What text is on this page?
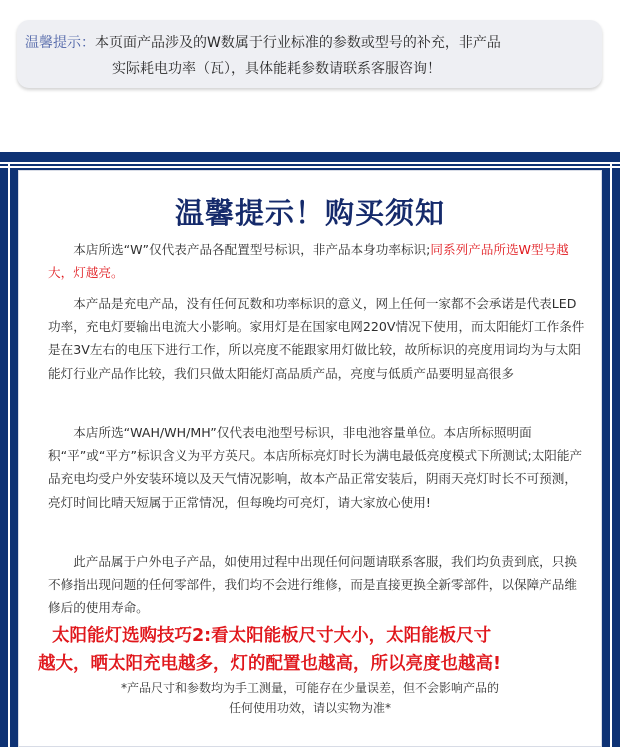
温馨提示：本页面产品涉及的W数属于行业标准的参数或型号的补充，非产品
实际耗电功率（瓦），具体能耗参数请联系客服咨询！
温馨提示！购买须知
本店所选“W”仅代表产品各配置型号标识，非产品本身功率标识;同系列产品所选W型号越大，灯越亮。
本产品是充电产品，没有任何瓦数和功率标识的意义，网上任何一家都不会承诺是代表LED功率，充电灯要输出电流大小影响。家用灯是在国家电网220V情况下使用，而太阳能灯工作条件是在3V左右的电压下进行工作，所以亮度不能跟家用灯做比较，故所标识的亮度用词均为与太阳能灯行业产品作比较，我们只做太阳能灯高品质产品，亮度与低质产品要明显高很多
本店所选“WAH/WH/MH”仅代表电池型号标识，非电池容量单位。本店所标照明面积“平”或“平方”标识含义为平方英尺。本店所标亮灯时长为满电最低亮度模式下所测试;太阳能产品充电均受户外安装环境以及天气情况影响，故本产品正常安装后，阴雨天亮灯时长不可预测，亮灯时间比晴天短属于正常情况，但每晚均可亮灯，请大家放心使用!
此产品属于户外电子产品，如使用过程中出现任何问题请联系客服，我们均负责到底，只换不修指出现问题的任何零部件，我们均不会进行维修，而是直接更换全新零部件，以保障产品维修后的使用寿命。
太阳能灯选购技巧2:看太阳能板尺寸大小，太阳能板尺寸
越大，晒太阳充电越多，灯的配置也越高，所以亮度也越高!
*产品尺寸和参数均为手工测量，可能存在少量误差，但不会影响产品的
任何使用功效，请以实物为准*
